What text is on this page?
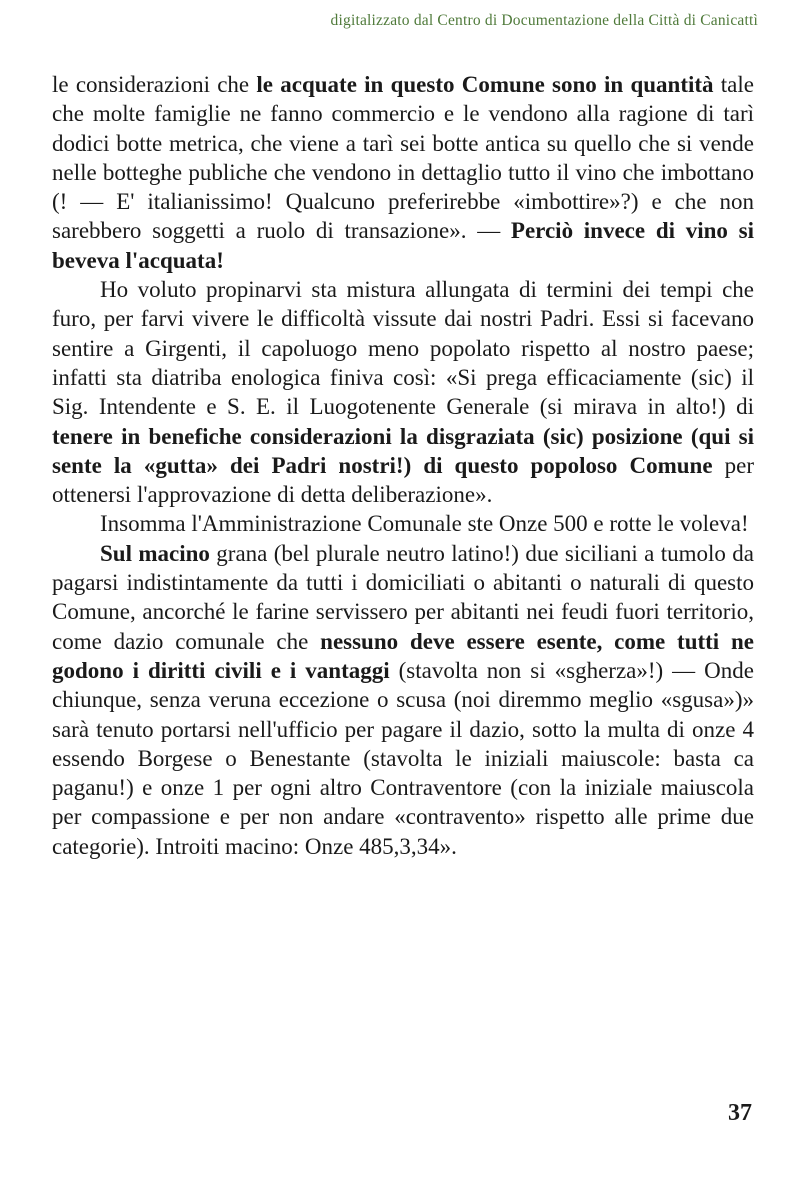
digitalizzato dal Centro di Documentazione della Città di Canicattì

le considerazioni che le acquate in questo Comune sono in quantità tale che molte famiglie ne fanno commercio e le vendono alla ragione di tarì dodici botte metrica, che viene a tarì sei botte antica su quello che si vende nelle botteghe publiche che vendono in dettaglio tutto il vino che imbottano (! — E' italianissimo! Qualcuno preferirebbe «imbottire»?) e che non sarebbero soggetti a ruolo di transazione». — Perciò invece di vino si beveva l'acquata!

Ho voluto propinarvi sta mistura allungata di termini dei tempi che furo, per farvi vivere le difficoltà vissute dai nostri Padri. Essi si facevano sentire a Girgenti, il capoluogo meno popolato rispetto al nostro paese; infatti sta diatriba enologica finiva così: «Si prega efficaciamente (sic) il Sig. Intendente e S. E. il Luogotenente Generale (si mirava in alto!) di tenere in benefiche considerazioni la disgraziata (sic) posizione (qui si sente la «gutta» dei Padri nostri!) di questo popoloso Comune per ottenersi l'approvazione di detta deliberazione».

Insomma l'Amministrazione Comunale ste Onze 500 e rotte le voleva!

Sul macino grana (bel plurale neutro latino!) due siciliani a tumolo da pagarsi indistintamente da tutti i domiciliati o abitanti o naturali di questo Comune, ancorché le farine servissero per abitanti nei feudi fuori territorio, come dazio comunale che nessuno deve essere esente, come tutti ne godono i diritti civili e i vantaggi (stavolta non si «sgherza»!) — Onde chiunque, senza veruna eccezione o scusa (noi diremmo meglio «sgusa»)» sarà tenuto portarsi nell'ufficio per pagare il dazio, sotto la multa di onze 4 essendo Borgese o Benestante (stavolta le iniziali maiuscole: basta ca paganu!) e onze 1 per ogni altro Contraventore (con la iniziale maiuscola per compassione e per non andare «contravento» rispetto alle prime due categorie). Introiti macino: Onze 485,3,34».

37
